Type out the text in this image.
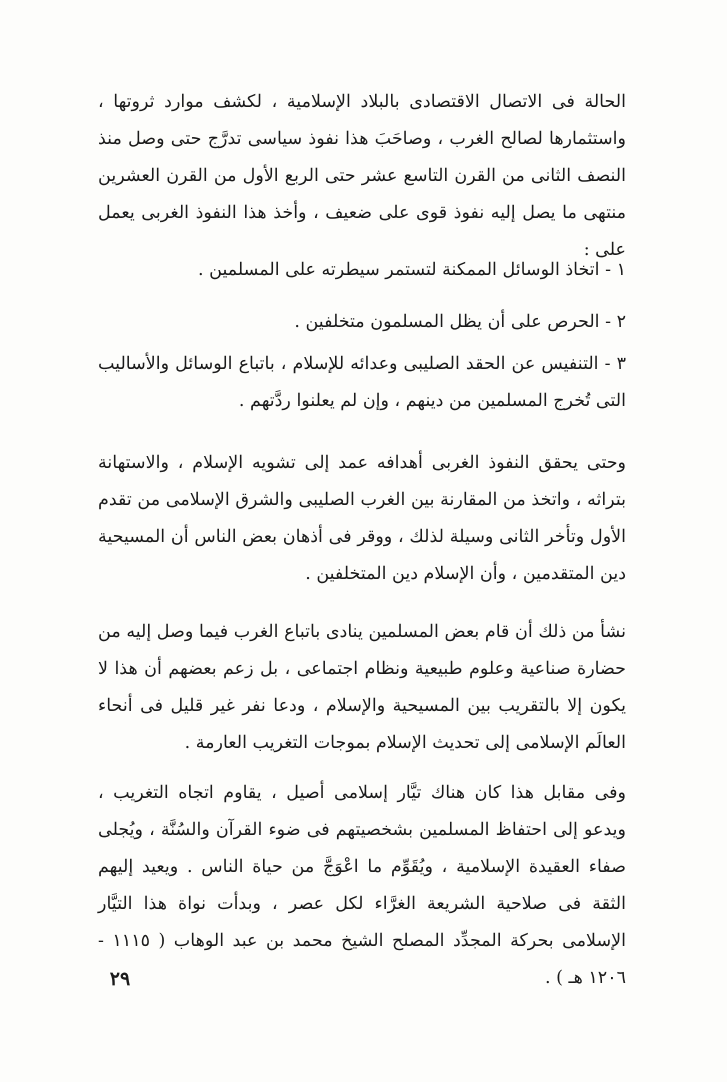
الحالة فى الاتصال الاقتصادى بالبلاد الإسلامية ، لكشف موارد ثروتها ، واستثمارها لصالح الغرب ، وصاحَبَ هذا نفوذ سياسى تدرَّج حتى وصل منذ النصف الثانى من القرن التاسع عشر حتى الربع الأول من القرن العشرين منتهى ما يصل إليه نفوذ قوى على ضعيف ، وأخذ هذا النفوذ الغربى يعمل على :

١ - اتخاذ الوسائل الممكنة لتستمر سيطرته على المسلمين .

٢ - الحرص على أن يظل المسلمون متخلفين .

٣ - التنفيس عن الحقد الصليبى وعدائه للإسلام ، باتباع الوسائل والأساليب التى تُخرج المسلمين من دينهم ، وإن لم يعلنوا ردَّتهم .

وحتى يحقق النفوذ الغربى أهدافه عمد إلى تشويه الإسلام ، والاستهانة بتراثه ، واتخذ من المقارنة بين الغرب الصليبى والشرق الإسلامى من تقدم الأول وتأخر الثانى وسيلة لذلك ، ووقر فى أذهان بعض الناس أن المسيحية دين المتقدمين ، وأن الإسلام دين المتخلفين .

نشأ من ذلك أن قام بعض المسلمين ينادى باتباع الغرب فيما وصل إليه من حضارة صناعية وعلوم طبيعية ونظام اجتماعى ، بل زعم بعضهم أن هذا لا يكون إلا بالتقريب بين المسيحية والإسلام ، ودعا نفر غير قليل فى أنحاء العالَم الإسلامى إلى تحديث الإسلام بموجات التغريب العارمة .

وفى مقابل هذا كان هناك تيَّار إسلامى أصيل ، يقاوم اتجاه التغريب ، ويدعو إلى احتفاظ المسلمين بشخصيتهم فى ضوء القرآن والسُنَّة ، ويُجلى صفاء العقيدة الإسلامية ، ويُقَوِّم ما اعْوَجَّ من حياة الناس . ويعيد إليهم الثقة فى صلاحية الشريعة الغرَّاء لكل عصر ، وبدأت نواة هذا التيَّار الإسلامى بحركة المجدِّد المصلح الشيخ محمد بن عبد الوهاب ( ١١١٥ - ١٢٠٦ هـ ) .

٢٩
